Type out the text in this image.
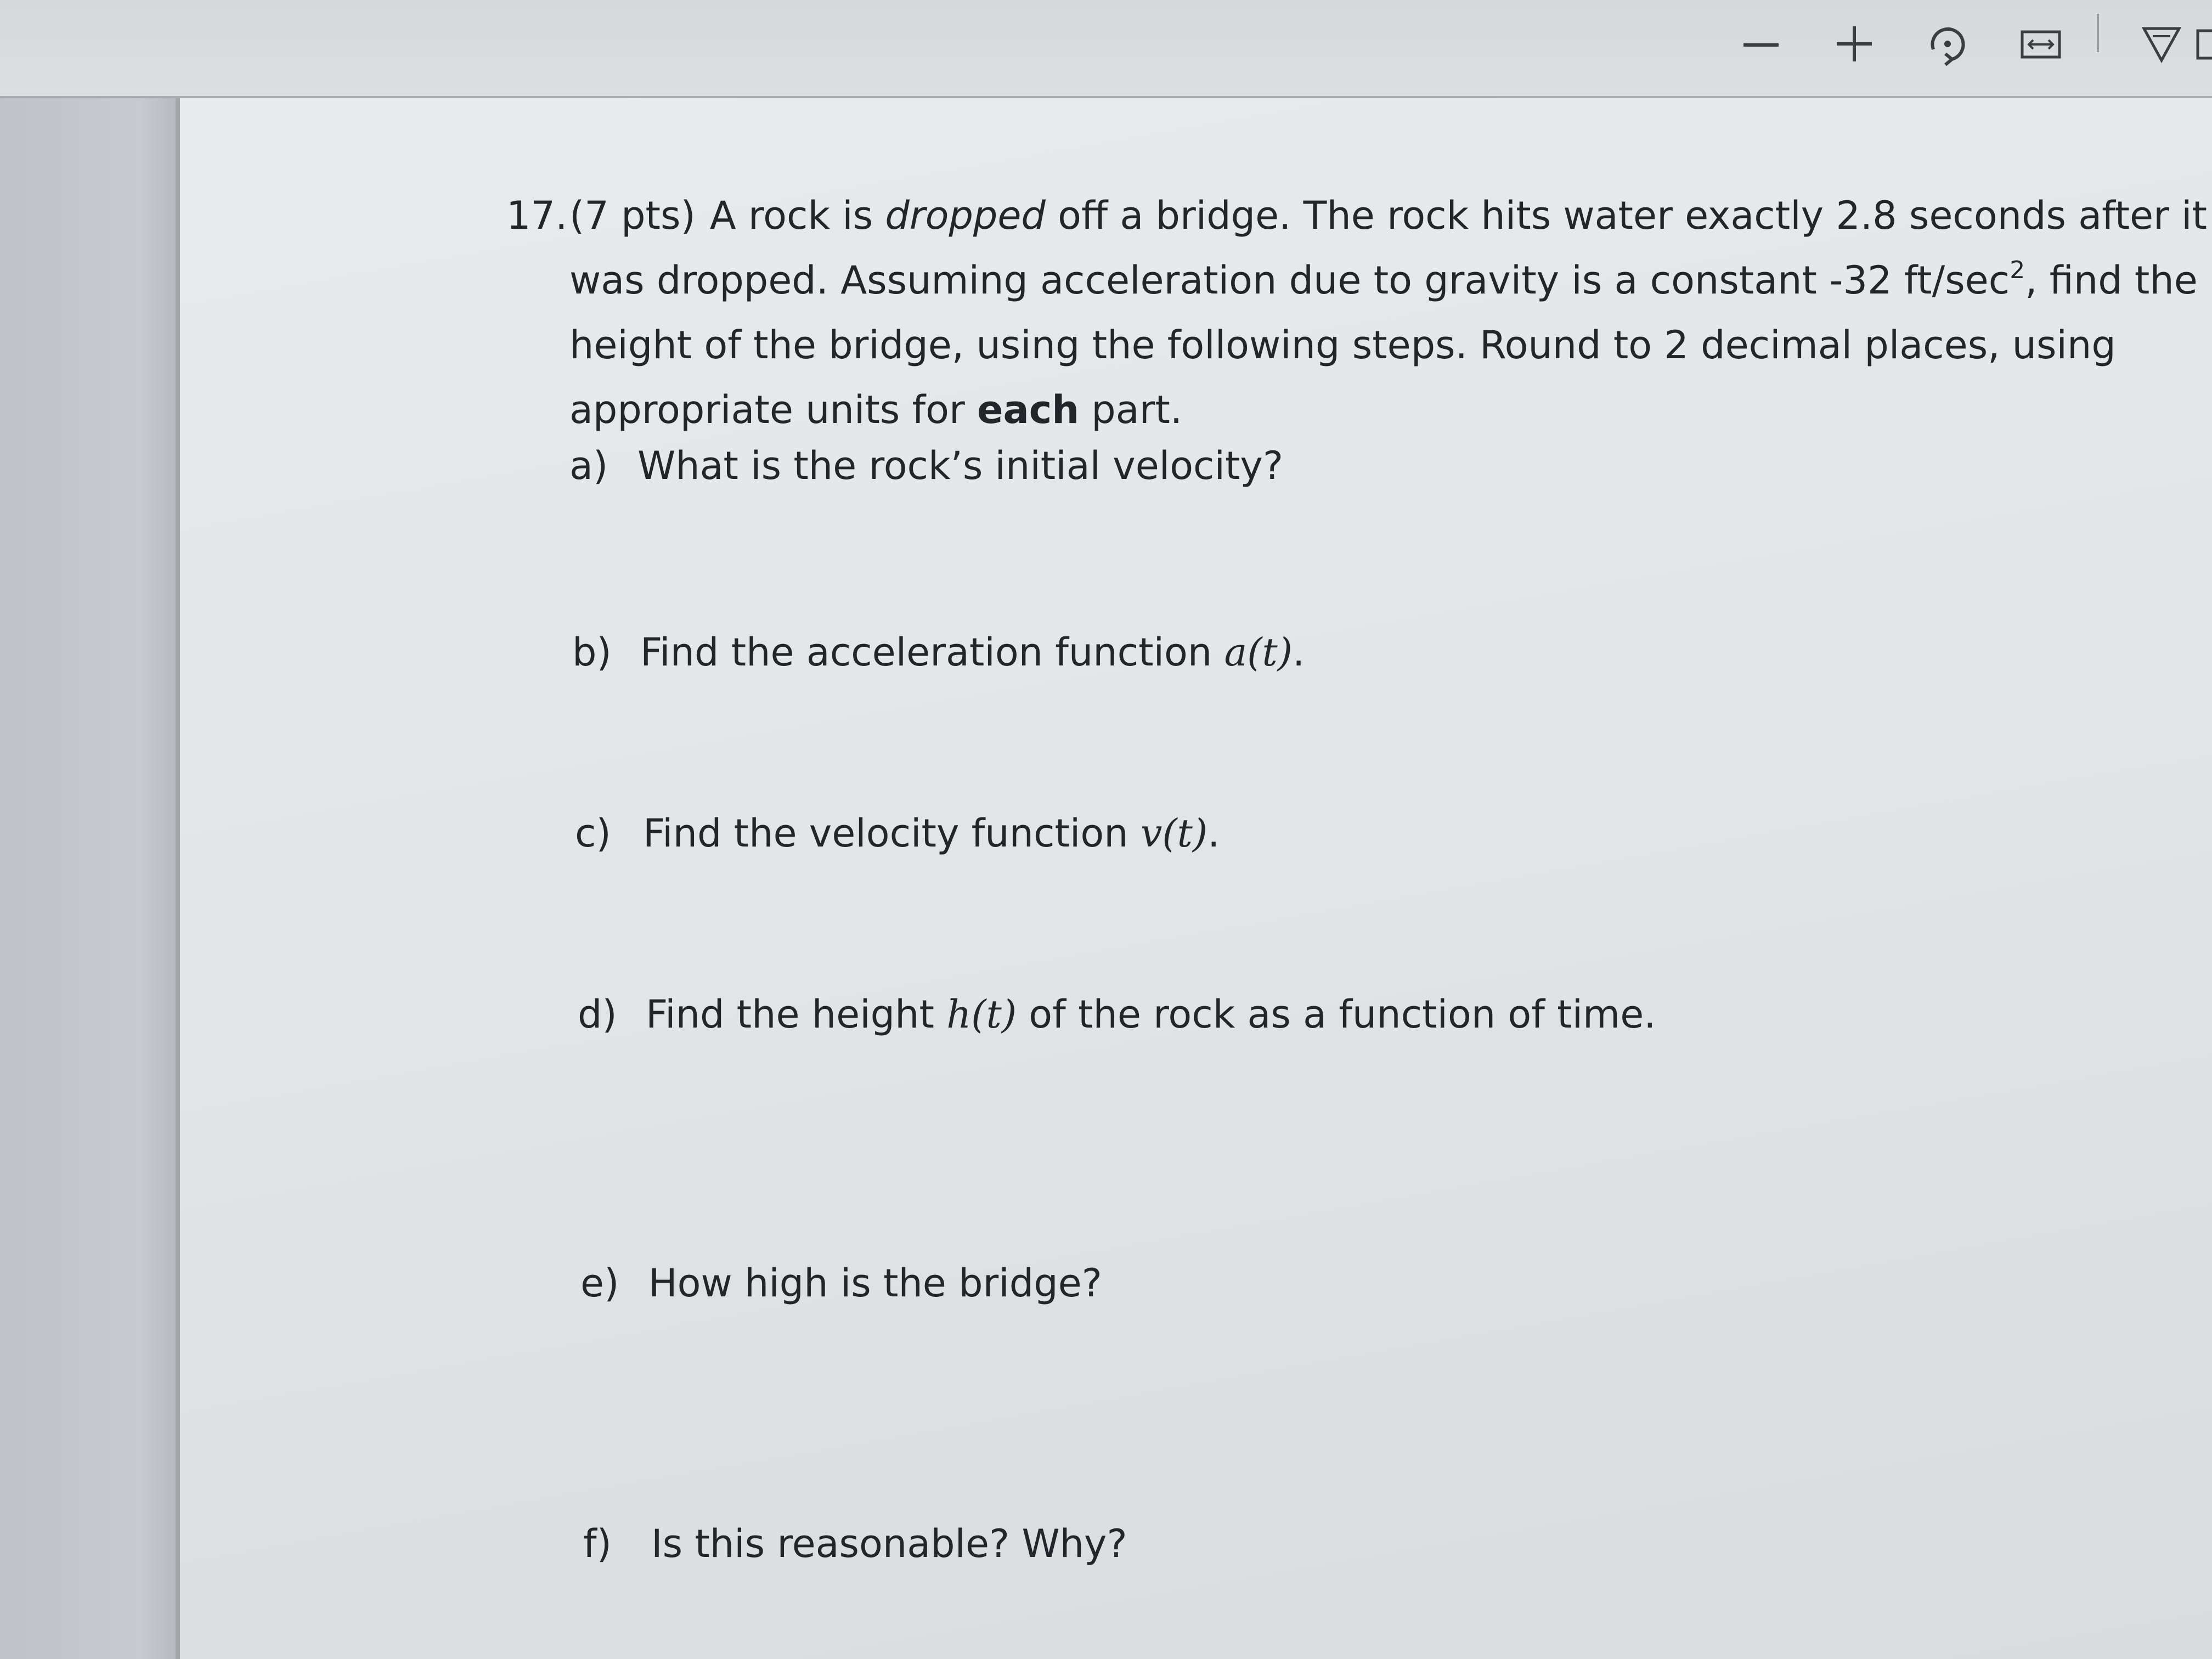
17. (7 pts) A rock is dropped off a bridge. The rock hits water exactly 2.8 seconds after it
was dropped. Assuming acceleration due to gravity is a constant -32 $ft/\sec^2$, find the
height of the bridge, using the following steps. Round to 2 decimal places, using
appropriate units for each part.
a) What is the rock’s initial velocity?
b) Find the acceleration function a(t).
c) Find the velocity function v(t).
d) Find the height h(t) of the rock as a function of time.
e) How high is the bridge?
f) Is this reasonable? Why?
